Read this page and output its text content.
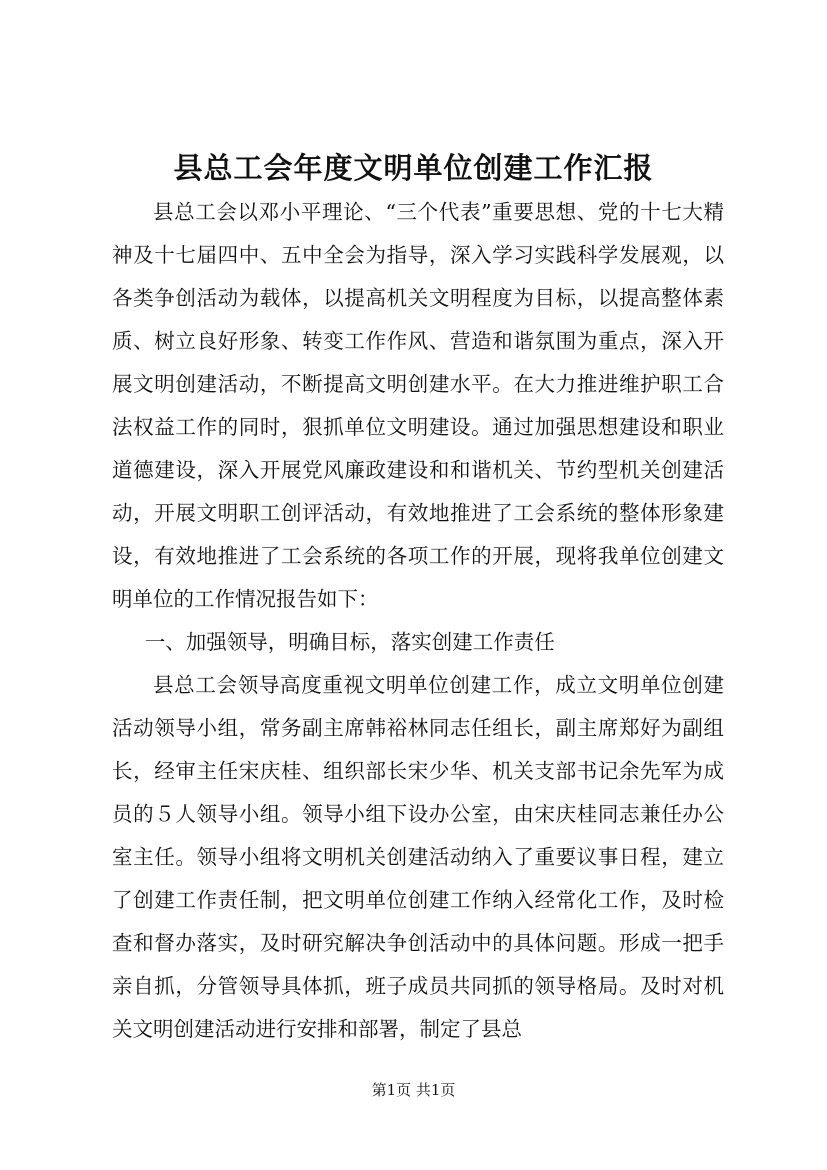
县总工会年度文明单位创建工作汇报

县总工会以邓小平理论、“三个代表”重要思想、党的十七大精神及十七届四中、五中全会为指导，深入学习实践科学发展观，以各类争创活动为载体，以提高机关文明程度为目标，以提高整体素质、树立良好形象、转变工作作风、营造和谐氛围为重点，深入开展文明创建活动，不断提高文明创建水平。在大力推进维护职工合法权益工作的同时，狠抓单位文明建设。通过加强思想建设和职业道德建设，深入开展党风廉政建设和和谐机关、节约型机关创建活动，开展文明职工创评活动，有效地推进了工会系统的整体形象建设，有效地推进了工会系统的各项工作的开展，现将我单位创建文明单位的工作情况报告如下：

一、加强领导，明确目标，落实创建工作责任

县总工会领导高度重视文明单位创建工作，成立文明单位创建活动领导小组，常务副主席韩裕林同志任组长，副主席郑好为副组长，经审主任宋庆桂、组织部长宋少华、机关支部书记余先军为成员的５人领导小组。领导小组下设办公室，由宋庆桂同志兼任办公室主任。领导小组将文明机关创建活动纳入了重要议事日程，建立了创建工作责任制，把文明单位创建工作纳入经常化工作，及时检查和督办落实，及时研究解决争创活动中的具体问题。形成一把手亲自抓，分管领导具体抓，班子成员共同抓的领导格局。及时对机关文明创建活动进行安排和部署，制定了县总

第1页 共1页
